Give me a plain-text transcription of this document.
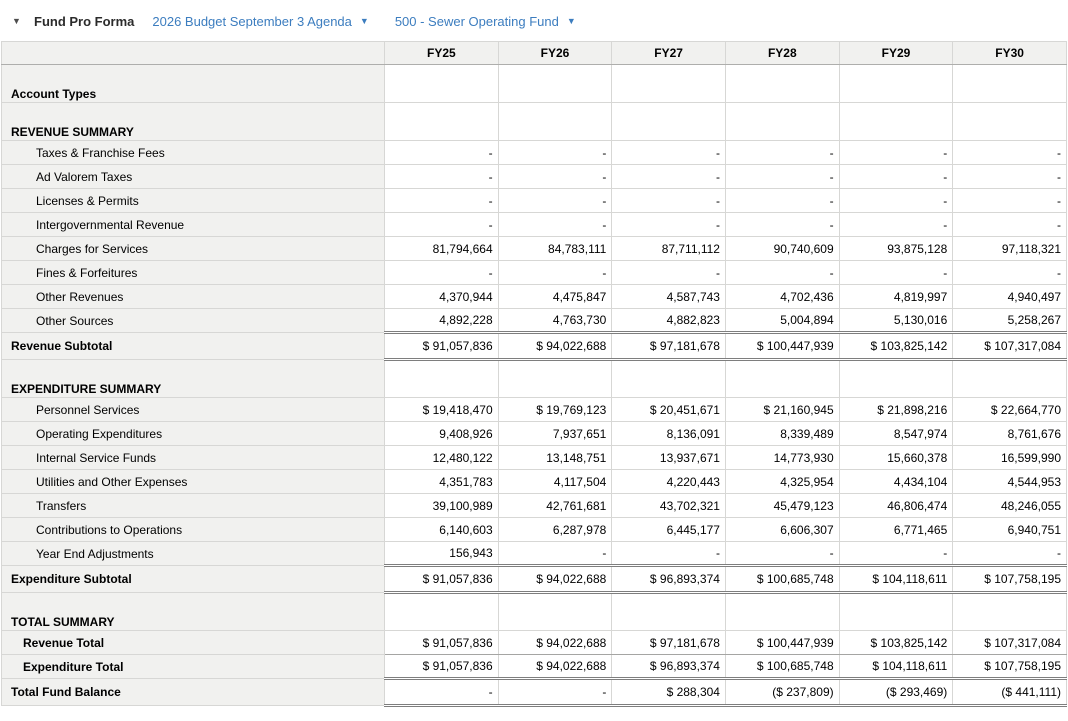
▼	Fund Pro Forma 2026 Budget September 3 Agenda ▼ 500 - Sewer Operating Fund ▼
	FY25	FY26	FY27	FY28	FY29	FY30
Account Types						
REVENUE SUMMARY						
Taxes & Franchise Fees	-	-	-	-	-	-
Ad Valorem Taxes	-	-	-	-	-	-
Licenses & Permits	-	-	-	-	-	-
Intergovernmental Revenue	-	-	-	-	-	-
Charges for Services	81,794,664	84,783,111	87,711,112	90,740,609	93,875,128	97,118,321
Fines & Forfeitures	-	-	-	-	-	-
Other Revenues	4,370,944	4,475,847	4,587,743	4,702,436	4,819,997	4,940,497
Other Sources	4,892,228	4,763,730	4,882,823	5,004,894	5,130,016	5,258,267
Revenue Subtotal	$ 91,057,836	$ 94,022,688	$ 97,181,678	$ 100,447,939	$ 103,825,142	$ 107,317,084
EXPENDITURE SUMMARY						
Personnel Services	$ 19,418,470	$ 19,769,123	$ 20,451,671	$ 21,160,945	$ 21,898,216	$ 22,664,770
Operating Expenditures	9,408,926	7,937,651	8,136,091	8,339,489	8,547,974	8,761,676
Internal Service Funds	12,480,122	13,148,751	13,937,671	14,773,930	15,660,378	16,599,990
Utilities and Other Expenses	4,351,783	4,117,504	4,220,443	4,325,954	4,434,104	4,544,953
Transfers	39,100,989	42,761,681	43,702,321	45,479,123	46,806,474	48,246,055
Contributions to Operations	6,140,603	6,287,978	6,445,177	6,606,307	6,771,465	6,940,751
Year End Adjustments	156,943	-	-	-	-	-
Expenditure Subtotal	$ 91,057,836	$ 94,022,688	$ 96,893,374	$ 100,685,748	$ 104,118,611	$ 107,758,195
TOTAL SUMMARY						
Revenue Total	$ 91,057,836	$ 94,022,688	$ 97,181,678	$ 100,447,939	$ 103,825,142	$ 107,317,084
Expenditure Total	$ 91,057,836	$ 94,022,688	$ 96,893,374	$ 100,685,748	$ 104,118,611	$ 107,758,195
Total Fund Balance	-	-	$ 288,304	($ 237,809)	($ 293,469)	($ 441,111)
